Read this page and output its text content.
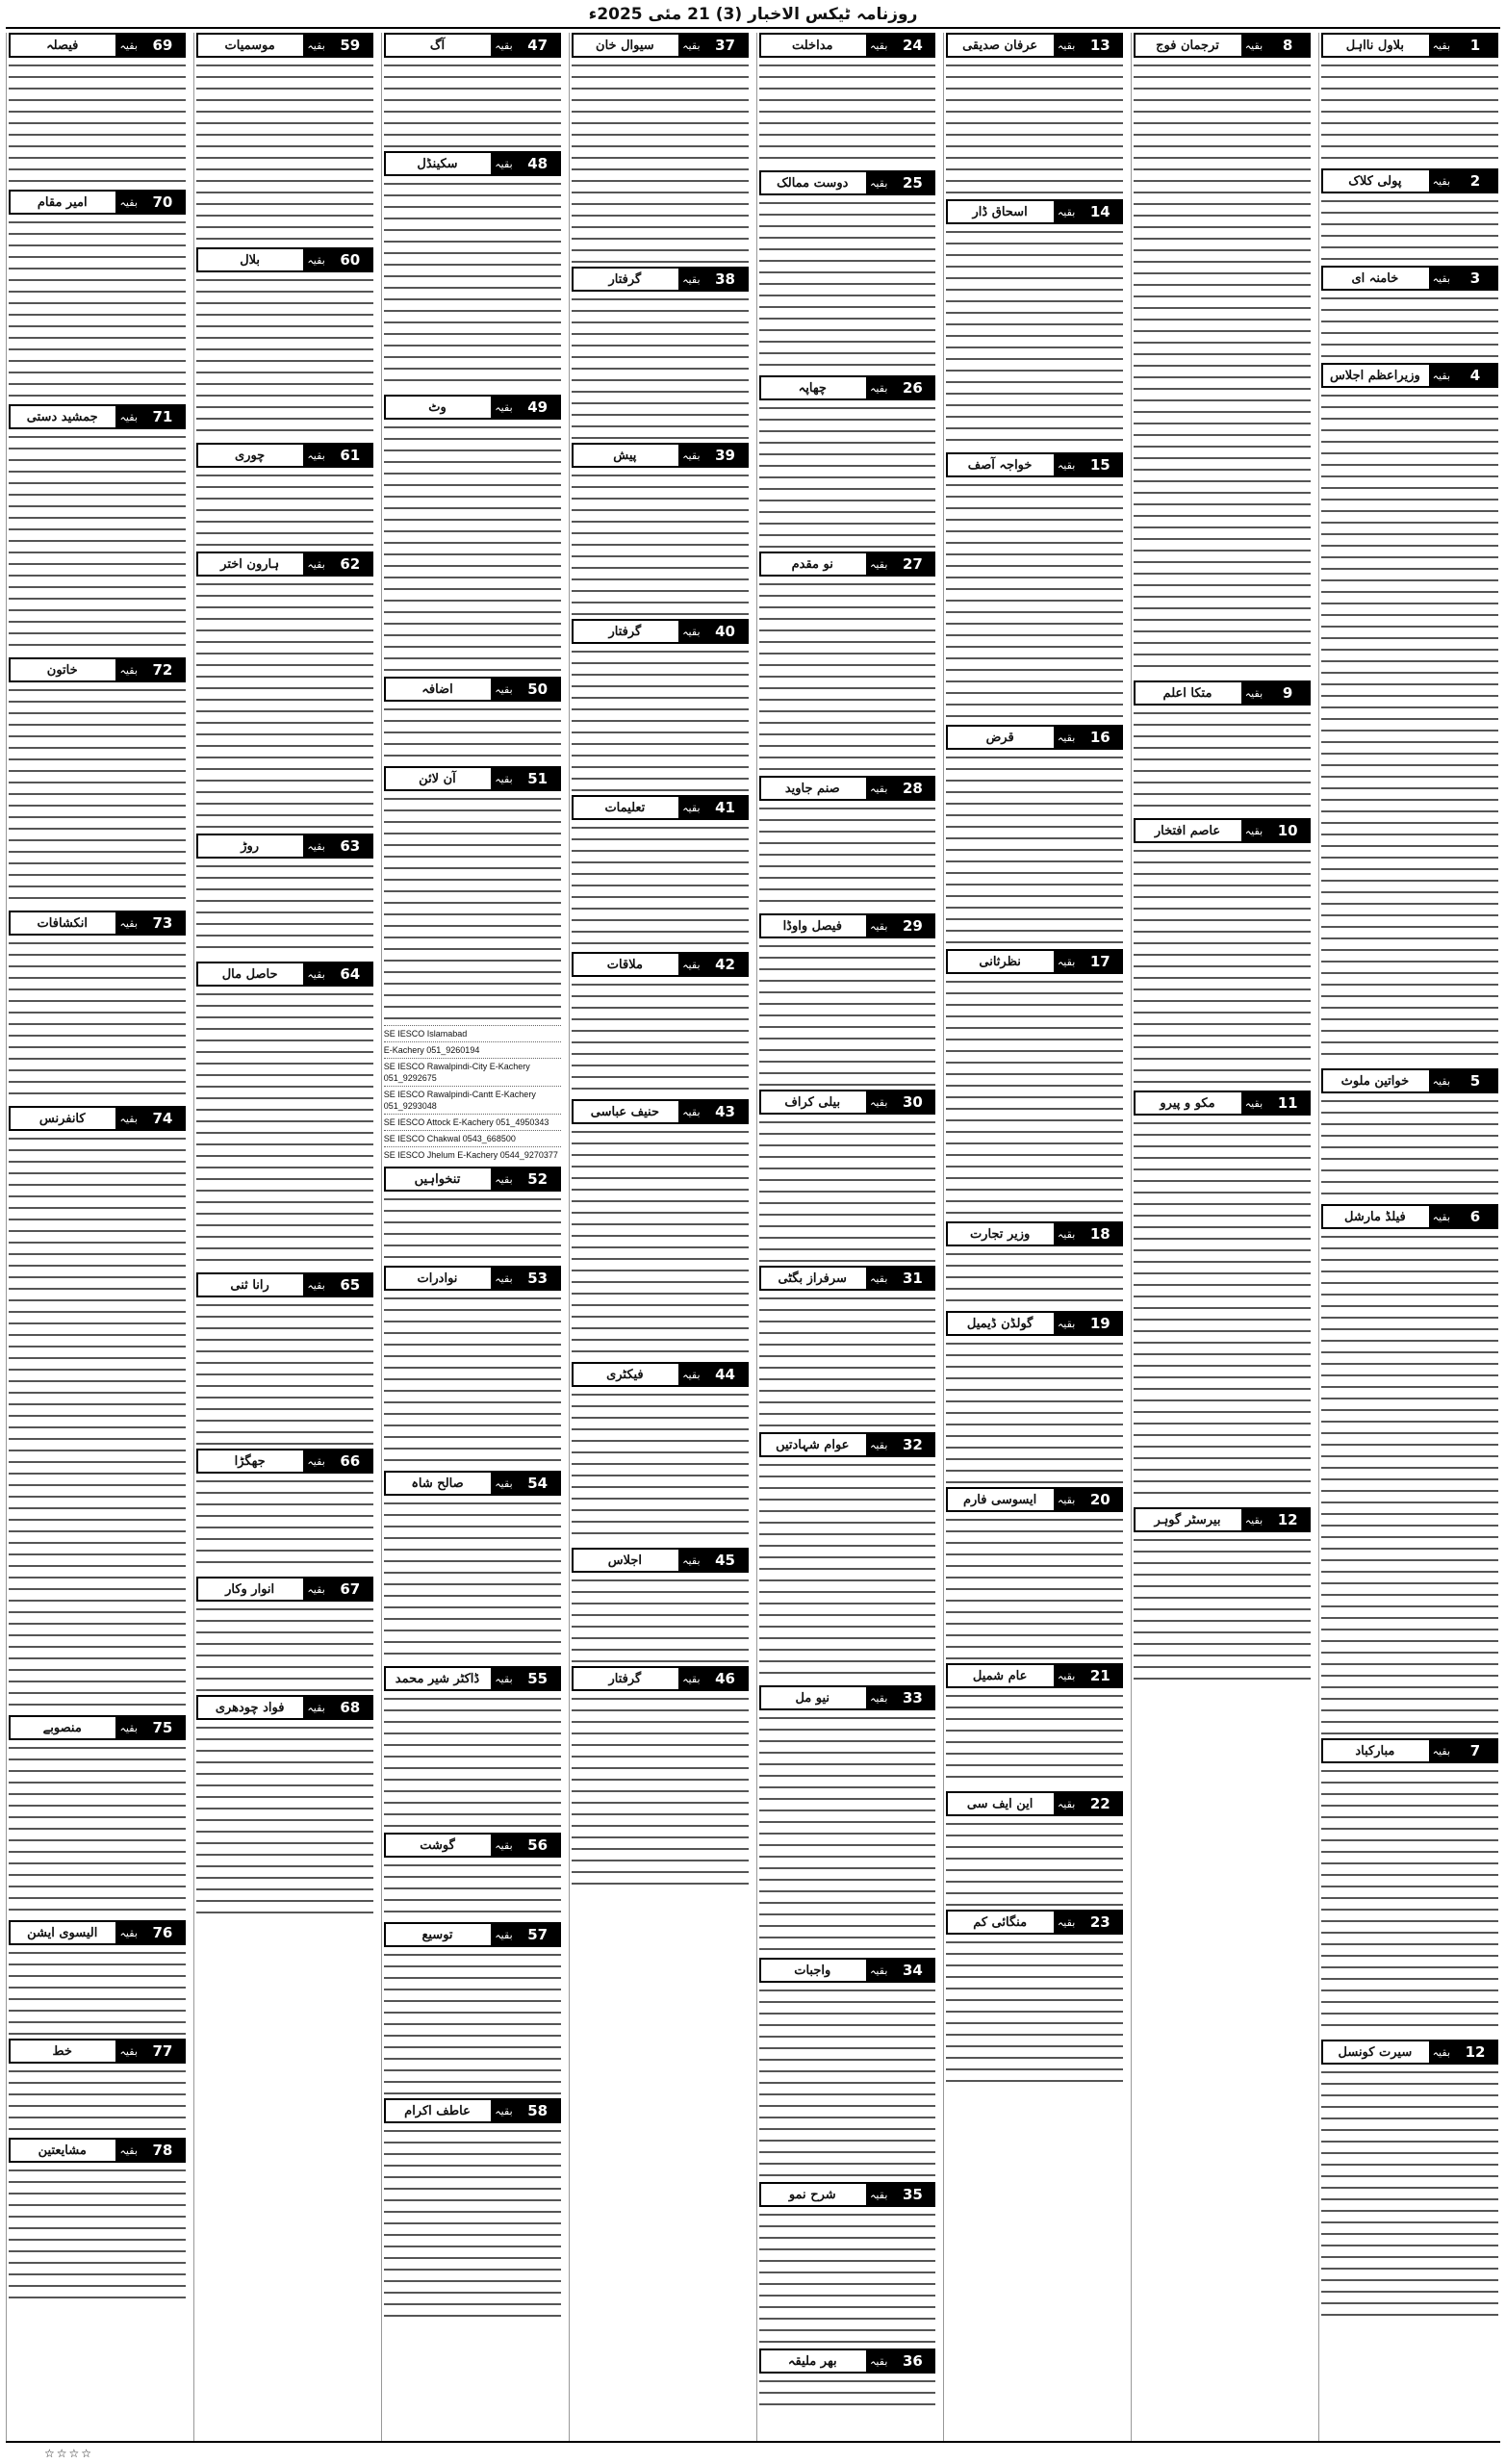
روزنامہ ٹیکس الاخبار (3) 21 مئی 2025ء
1
بقیہ
بلاول نااہل
2
بقیہ
پولی کلاک
3
بقیہ
خامنہ ای
4
بقیہ
وزیراعظم اجلاس
5
بقیہ
خواتین ملوث
6
بقیہ
فیلڈ مارشل
7
بقیہ
مبارکباد
12
بقیہ
سیرت کونسل
8
بقیہ
ترجمان فوج
9
بقیہ
متکا اعلم
10
بقیہ
عاصم افتخار
11
بقیہ
مکو و پیرو
12
بقیہ
بیرسٹر گوہر
13
بقیہ
عرفان صدیقی
14
بقیہ
اسحاق ڈار
15
بقیہ
خواجہ آصف
16
بقیہ
قرض
17
بقیہ
نظرثانی
18
بقیہ
وزیر تجارت
19
بقیہ
گولڈن ڈیمیل
20
بقیہ
ایسوسی فارم
21
بقیہ
عام شمیل
22
بقیہ
این ایف سی
23
بقیہ
منگائی کم
24
بقیہ
مداخلت
25
بقیہ
دوست ممالک
26
بقیہ
چھاپہ
27
بقیہ
نو مقدم
28
بقیہ
صنم جاوید
29
بقیہ
فیصل واوڈا
30
بقیہ
بیلی کراف
31
بقیہ
سرفراز بگٹی
32
بقیہ
عوام شہادتیں
33
بقیہ
نیو مل
34
بقیہ
واجبات
35
بقیہ
شرح نمو
36
بقیہ
بھر ملیقہ
37
بقیہ
سیوال خان
38
بقیہ
گرفتار
39
بقیہ
پیش
40
بقیہ
گرفتار
41
بقیہ
تعلیمات
42
بقیہ
ملاقات
43
بقیہ
حنیف عباسی
44
بقیہ
فیکٹری
45
بقیہ
اجلاس
46
بقیہ
گرفتار
47
بقیہ
آگ
48
بقیہ
سکینڈل
49
بقیہ
وٹ
50
بقیہ
اضافہ
51
بقیہ
آن لائن
SE IESCO Islamabad
E-Kachery 051_9260194
SE IESCO Rawalpindi-City E-Kachery 051_9292675
SE IESCO Rawalpindi-Cantt E-Kachery 051_9293048
SE IESCO Attock E-Kachery 051_4950343
SE IESCO Chakwal 0543_668500
SE IESCO Jhelum E-Kachery 0544_9270377
52
بقیہ
تنخواہیں
53
بقیہ
نوادرات
54
بقیہ
صالح شاہ
55
بقیہ
ڈاکٹر شیر محمد
56
بقیہ
گوشت
57
بقیہ
توسیع
58
بقیہ
عاطف اکرام
59
بقیہ
موسمیات
60
بقیہ
بلال
61
بقیہ
چوری
62
بقیہ
ہارون اختر
63
بقیہ
روڑ
64
بقیہ
حاصل مال
65
بقیہ
رانا ثنی
66
بقیہ
جھگڑا
67
بقیہ
انوار وکار
68
بقیہ
فواد چودھری
69
بقیہ
فیصلہ
70
بقیہ
امیر مقام
71
بقیہ
جمشید دستی
72
بقیہ
خاتون
73
بقیہ
انکشافات
74
بقیہ
کانفرنس
75
بقیہ
منصوبے
76
بقیہ
الیسوی ایشن
77
بقیہ
خط
78
بقیہ
مشایعتین
☆☆☆☆
